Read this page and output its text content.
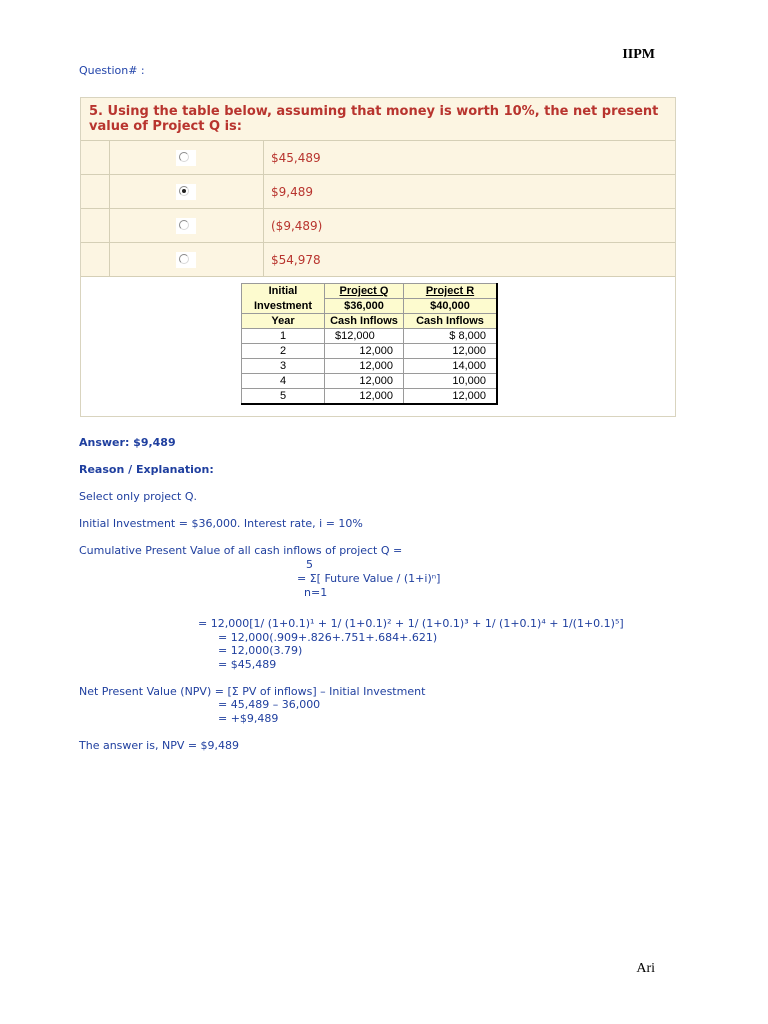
IIPM
Question# :
5. Using the table below, assuming that money is worth 10%, the net present
value of Project Q is:
$45,489
$9,489
($9,489)
$54,978
Initial	Project Q	Project R
Investment	$36,000	$40,000
Year	Cash Inflows	Cash Inflows
1	$12,000	$ 8,000
2	12,000	12,000
3	12,000	14,000
4	12,000	10,000
5	12,000	12,000
Answer: $9,489
Reason / Explanation:
Select only project Q.
Initial Investment = $36,000. Interest rate, i = 10%
Cumulative Present Value of all cash inflows of project Q =
5
= Σ[ Future Value / (1+i)ⁿ]
n=1
= 12,000[1/ (1+0.1)¹ + 1/ (1+0.1)² + 1/ (1+0.1)³ + 1/ (1+0.1)⁴ + 1/(1+0.1)⁵]
= 12,000(.909+.826+.751+.684+.621)
= 12,000(3.79)
= $45,489
Net Present Value (NPV) = [Σ PV of inflows] – Initial Investment
= 45,489 – 36,000
= +$9,489
The answer is, NPV = $9,489
Ari
